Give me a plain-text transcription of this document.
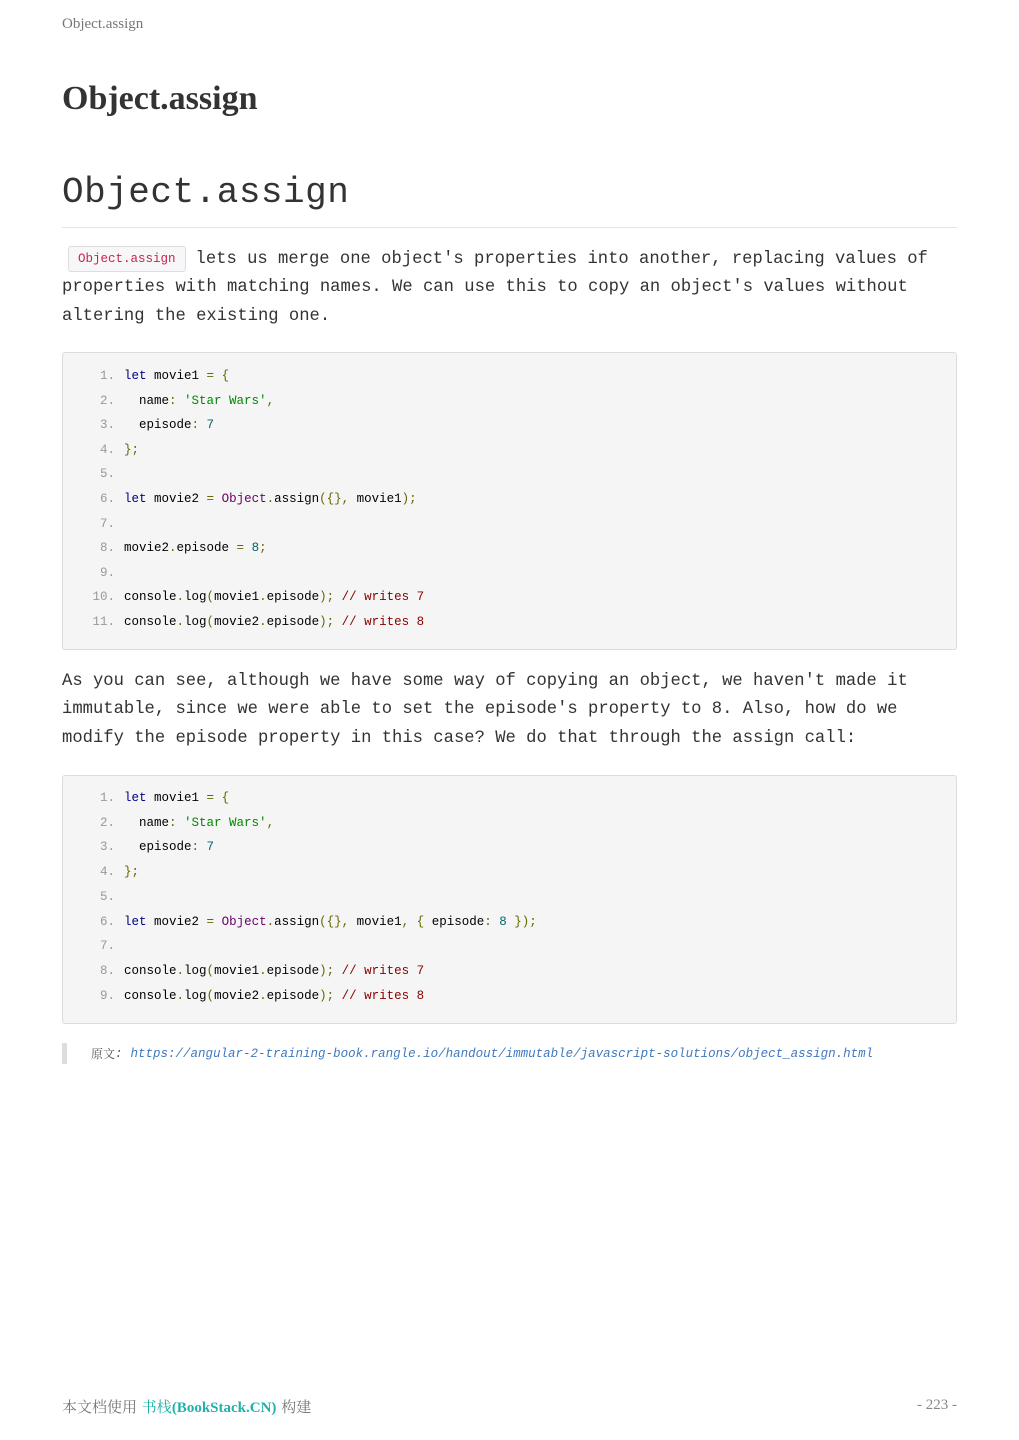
Object.assign
Object.assign
Object.assign

Object.assign lets us merge one object's properties into another, replacing values of properties with matching names. We can use this to copy an object's values without altering the existing one.

1. let movie1 = {
2.  name: 'Star Wars',
3.  episode: 7
4. };
5.
6. let movie2 = Object.assign({}, movie1);
7.
8. movie2.episode = 8;
9.
10. console.log(movie1.episode); // writes 7
11. console.log(movie2.episode); // writes 8

As you can see, although we have some way of copying an object, we haven't made it immutable, since we were able to set the episode's property to 8. Also, how do we modify the episode property in this case? We do that through the assign call:

1. let movie1 = {
2.  name: 'Star Wars',
3.  episode: 7
4. };
5.
6. let movie2 = Object.assign({}, movie1, { episode: 8 });
7.
8. console.log(movie1.episode); // writes 7
9. console.log(movie2.episode); // writes 8
原文 : https://angular-2-training-book.rangle.io/handout/immutable/javascript-solutions/object_assign.html
本文档使用 书栈(BookStack.CN) 构建	- 223 -
